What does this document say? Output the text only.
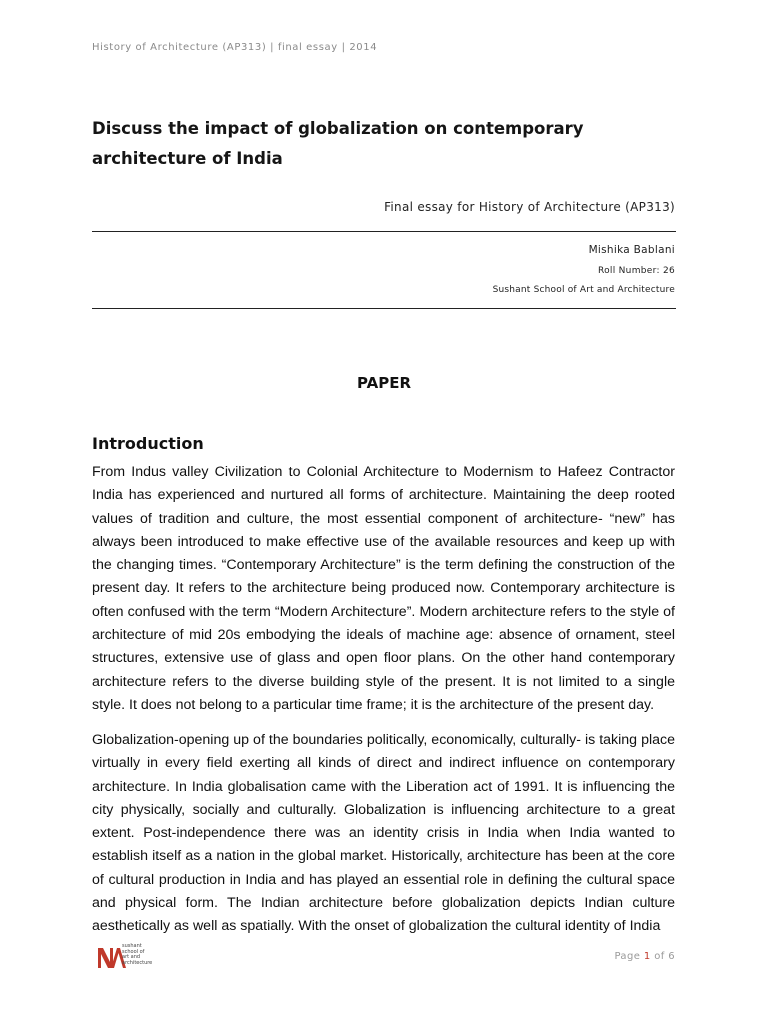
History of Architecture (AP313) | final essay | 2014
Discuss the impact of globalization on contemporary architecture of India
Final essay for History of Architecture (AP313)
Mishika Bablani
Roll Number: 26
Sushant School of Art and Architecture
PAPER
Introduction

From Indus valley Civilization to Colonial Architecture to Modernism to Hafeez Contractor India has experienced and nurtured all forms of architecture. Maintaining the deep rooted values of tradition and culture, the most essential component of architecture- “new” has always been introduced to make effective use of the available resources and keep up with the changing times. “Contemporary Architecture” is the term defining the construction of the present day. It refers to the architecture being produced now. Contemporary architecture is often confused with the term “Modern Architecture”. Modern architecture refers to the style of architecture of mid 20s embodying the ideals of machine age: absence of ornament, steel structures, extensive use of glass and open floor plans. On the other hand contemporary architecture refers to the diverse building style of the present. It is not limited to a single style. It does not belong to a particular time frame; it is the architecture of the present day.

Globalization-opening up of the boundaries politically, economically, culturally- is taking place virtually in every field exerting all kinds of direct and indirect influence on contemporary architecture. In India globalisation came with the Liberation act of 1991. It is influencing the city physically, socially and culturally. Globalization is influencing architecture to a great extent. Post-independence there was an identity crisis in India when India wanted to establish itself as a nation in the global market. Historically, architecture has been at the core of cultural production in India and has played an essential role in defining the cultural space and physical form. The Indian architecture before globalization depicts Indian culture aesthetically as well as spatially. With the onset of globalization the cultural identity of India

sushant
school of
art and
architecture
Page 1 of 6
